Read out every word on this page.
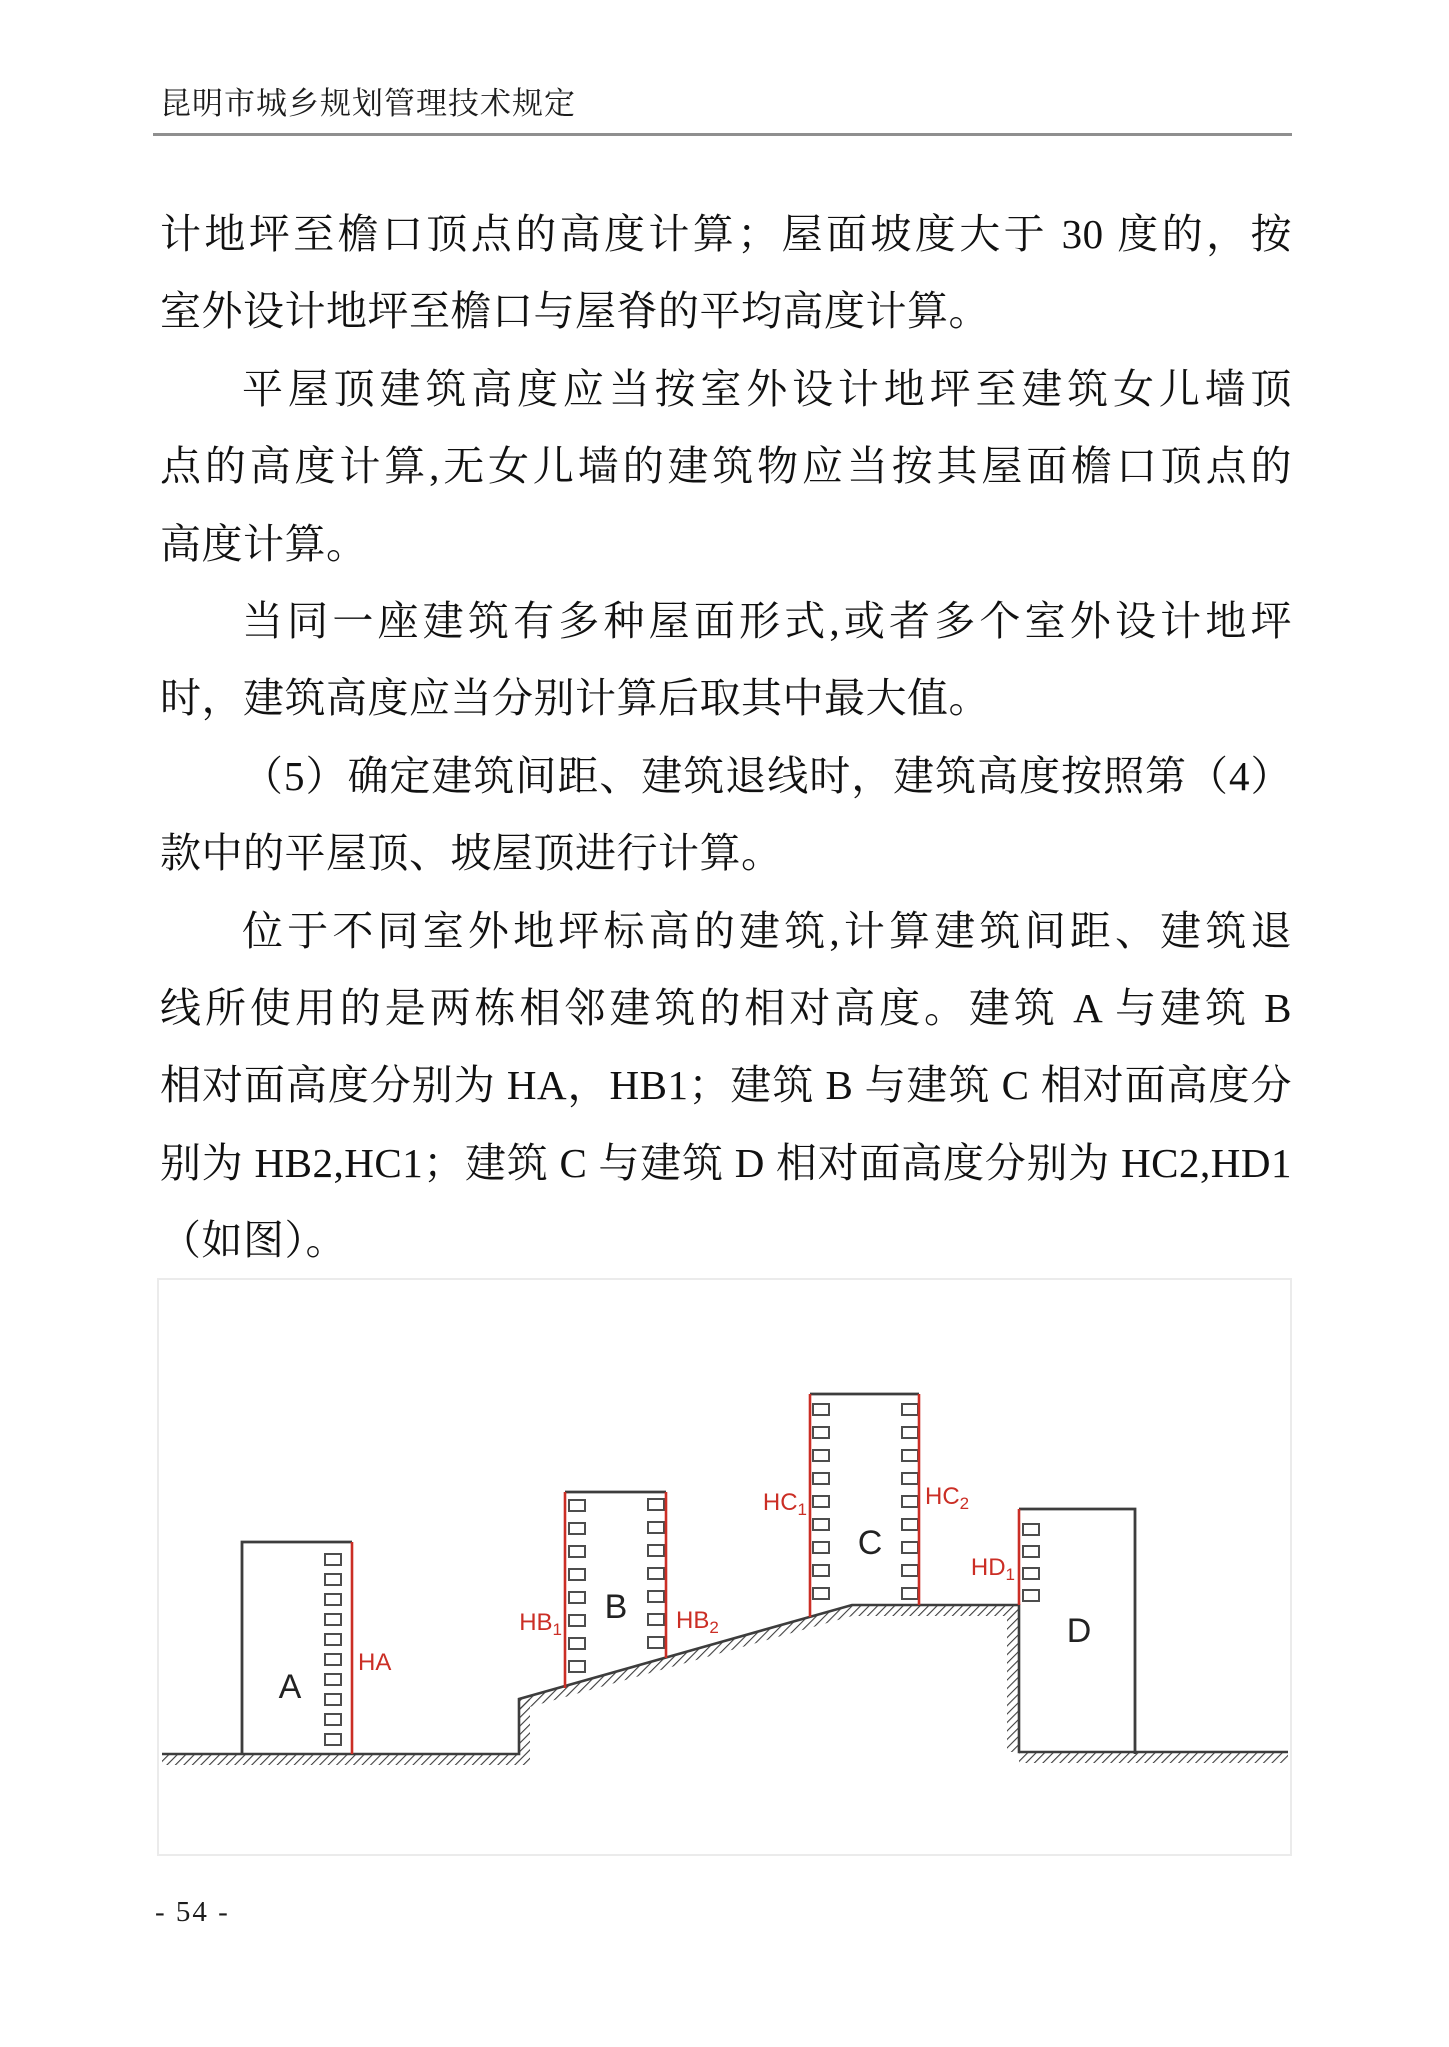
昆明市城乡规划管理技术规定
计地坪至檐口顶点的高度计算；屋面坡度大于 30 度的，按
室外设计地坪至檐口与屋脊的平均高度计算。
平屋顶建筑高度应当按室外设计地坪至建筑女儿墙顶
点的高度计算,无女儿墙的建筑物应当按其屋面檐口顶点的
高度计算。
当同一座建筑有多种屋面形式,或者多个室外设计地坪
时，建筑高度应当分别计算后取其中最大值。
（5）确定建筑间距、建筑退线时，建筑高度按照第（4）
款中的平屋顶、坡屋顶进行计算。
位于不同室外地坪标高的建筑,计算建筑间距、建筑退
线所使用的是两栋相邻建筑的相对高度。建筑 A 与建筑 B
相对面高度分别为 HA，HB1；建筑 B 与建筑 C 相对面高度分
别为 HB2,HC1；建筑 C 与建筑 D 相对面高度分别为 HC2,HD1
（如图）。
A
HA
B
$HB_1$	$HB_2$
C
$HC_1$	$HC_2$
D
$HD_1$
- 54 -
